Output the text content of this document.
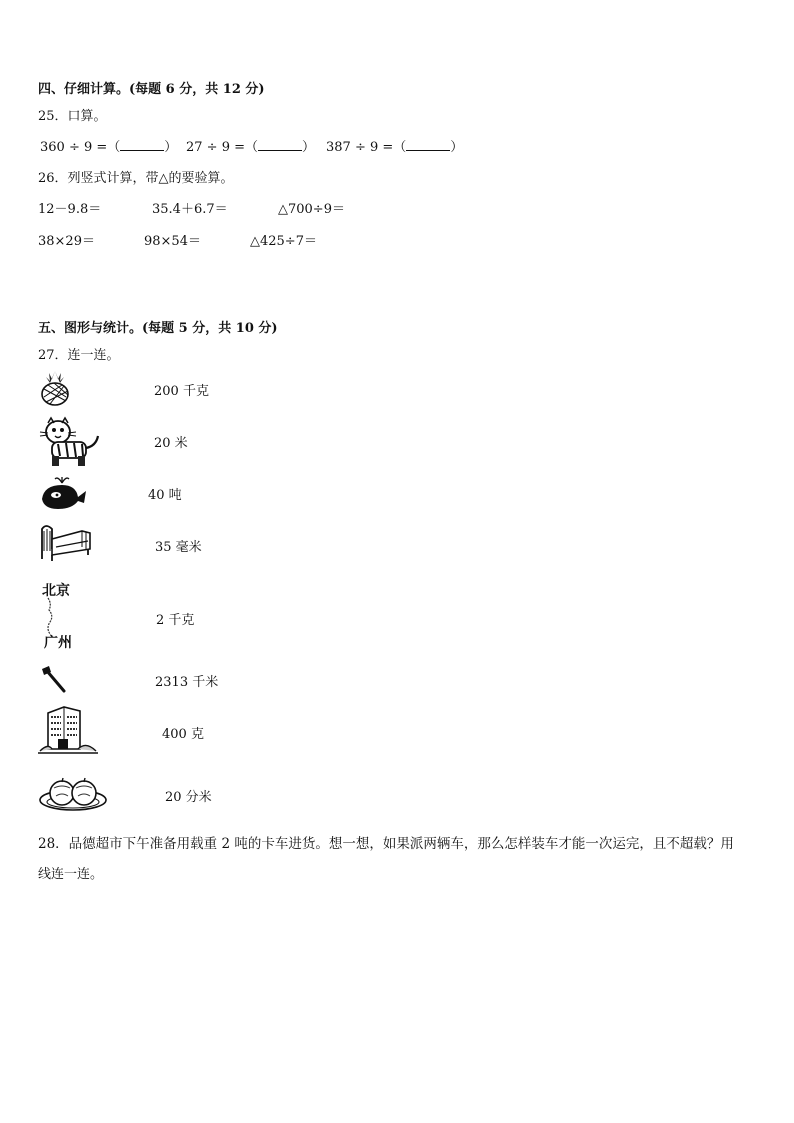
四、仔细计算。(每题 6 分，共 12 分)
25．口算。
360 ÷ 9 =（	） 27 ÷ 9 =（	） 387 ÷ 9 =（	）
26．列竖式计算，带△的要验算。
12－9.8＝	35.4＋6.7＝	△700÷9＝
38×29＝	98×54＝	△425÷7＝
五、图形与统计。(每题 5 分，共 10 分)
27．连一连。
北京
广州
200 千克
20 米
40 吨
35 毫米
2 千克
2313 千米
400 克
20 分米
28．品德超市下午准备用载重 2 吨的卡车进货。想一想，如果派两辆车，那么怎样装车才能一次运完，且不超载？用
线连一连。
